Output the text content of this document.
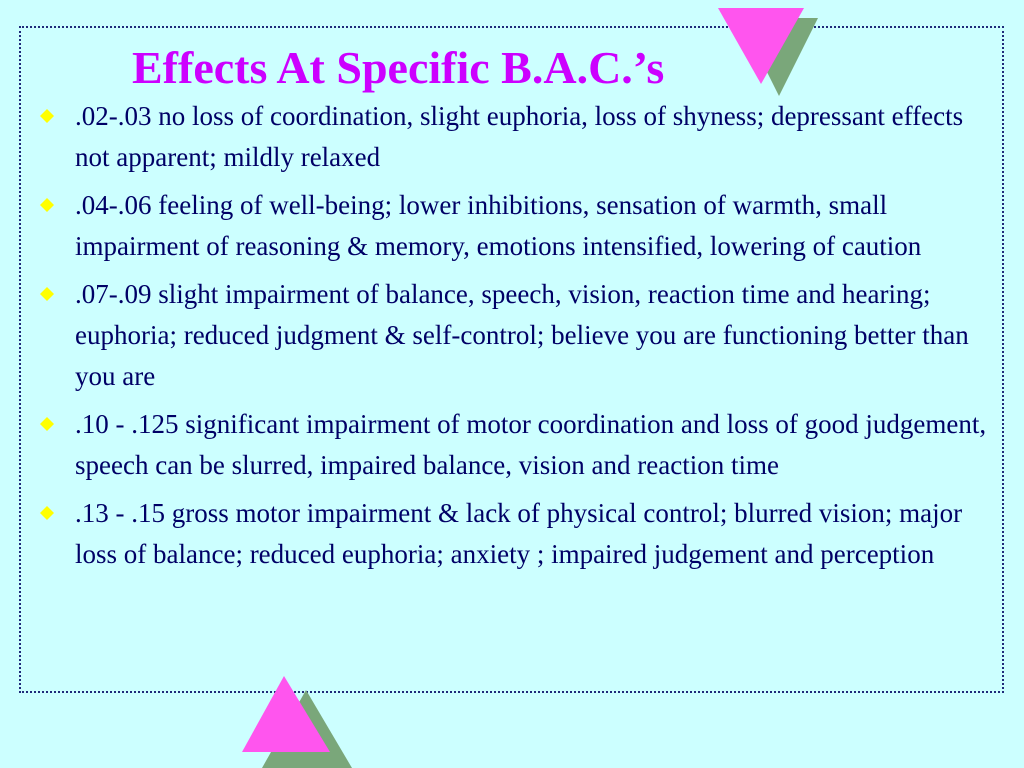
Effects At Specific B.A.C.’s
.02-.03 no loss of coordination, slight euphoria, loss of shyness; depressant effects not apparent; mildly relaxed
.04-.06 feeling of well-being; lower inhibitions, sensation of warmth, small impairment of reasoning & memory, emotions intensified, lowering of caution
.07-.09 slight impairment of balance, speech, vision, reaction time and hearing; euphoria; reduced judgment & self-control; believe you are functioning better than you are
.10 - .125 significant impairment of motor coordination and loss of good judgement, speech can be slurred, impaired balance, vision and reaction time
.13 - .15 gross motor impairment & lack of physical control; blurred vision; major loss of balance; reduced euphoria; anxiety ; impaired judgement and perception
